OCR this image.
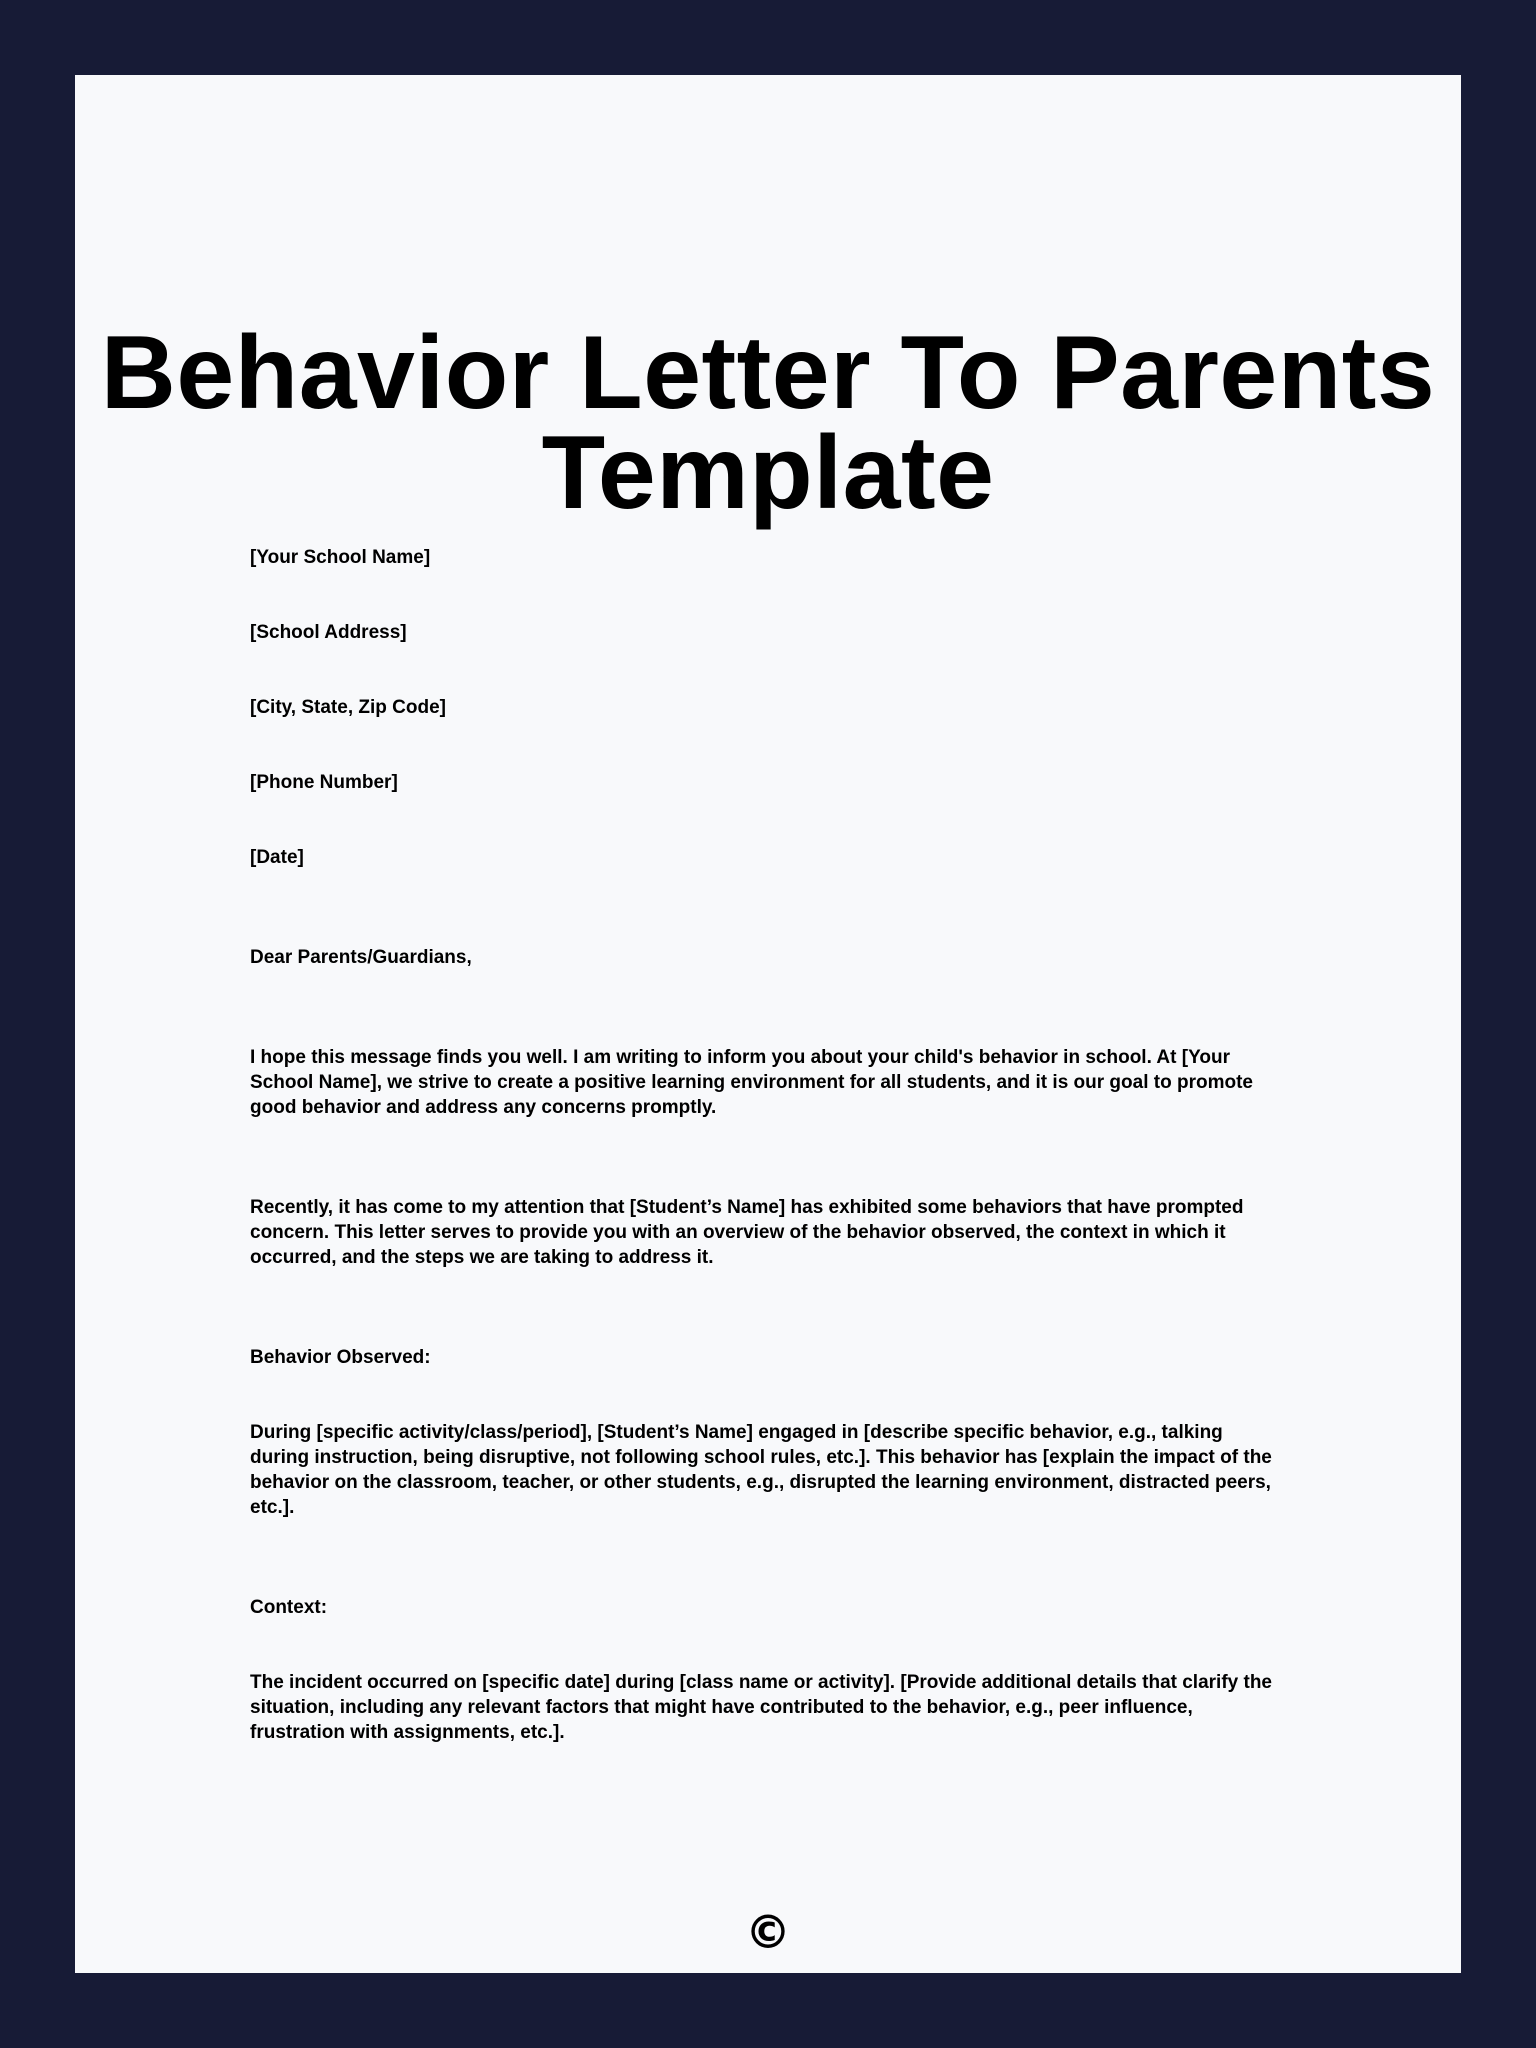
Behavior Letter To Parents
Template

[Your School Name]

[School Address]

[City, State, Zip Code]

[Phone Number]

[Date]

Dear Parents/Guardians,

I hope this message finds you well. I am writing to inform you about your child's behavior in school. At [Your School Name], we strive to create a positive learning environment for all students, and it is our goal to promote good behavior and address any concerns promptly.

Recently, it has come to my attention that [Student’s Name] has exhibited some behaviors that have prompted concern. This letter serves to provide you with an overview of the behavior observed, the context in which it occurred, and the steps we are taking to address it.

Behavior Observed:

During [specific activity/class/period], [Student’s Name] engaged in [describe specific behavior, e.g., talking during instruction, being disruptive, not following school rules, etc.]. This behavior has [explain the impact of the behavior on the classroom, teacher, or other students, e.g., disrupted the learning environment, distracted peers, etc.].

Context:

The incident occurred on [specific date] during [class name or activity]. [Provide additional details that clarify the situation, including any relevant factors that might have contributed to the behavior, e.g., peer influence, frustration with assignments, etc.].

©
